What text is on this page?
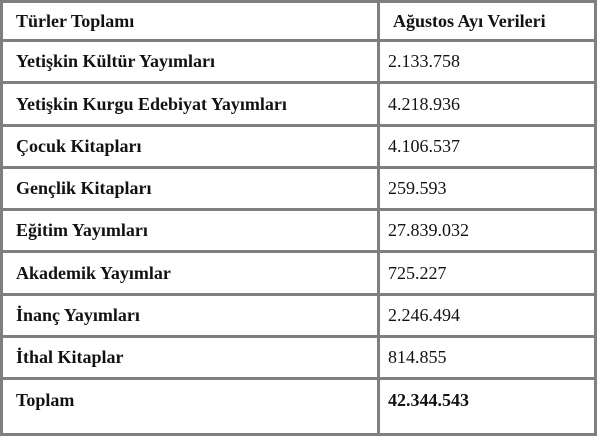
Türler Toplamı	Ağustos Ayı Verileri
Yetişkin Kültür Yayımları	2.133.758
Yetişkin Kurgu Edebiyat Yayımları	4.218.936
Çocuk Kitapları	4.106.537
Gençlik Kitapları	259.593
Eğitim Yayımları	27.839.032
Akademik Yayımlar	725.227
İnanç Yayımları	2.246.494
İthal Kitaplar	814.855
Toplam	42.344.543
